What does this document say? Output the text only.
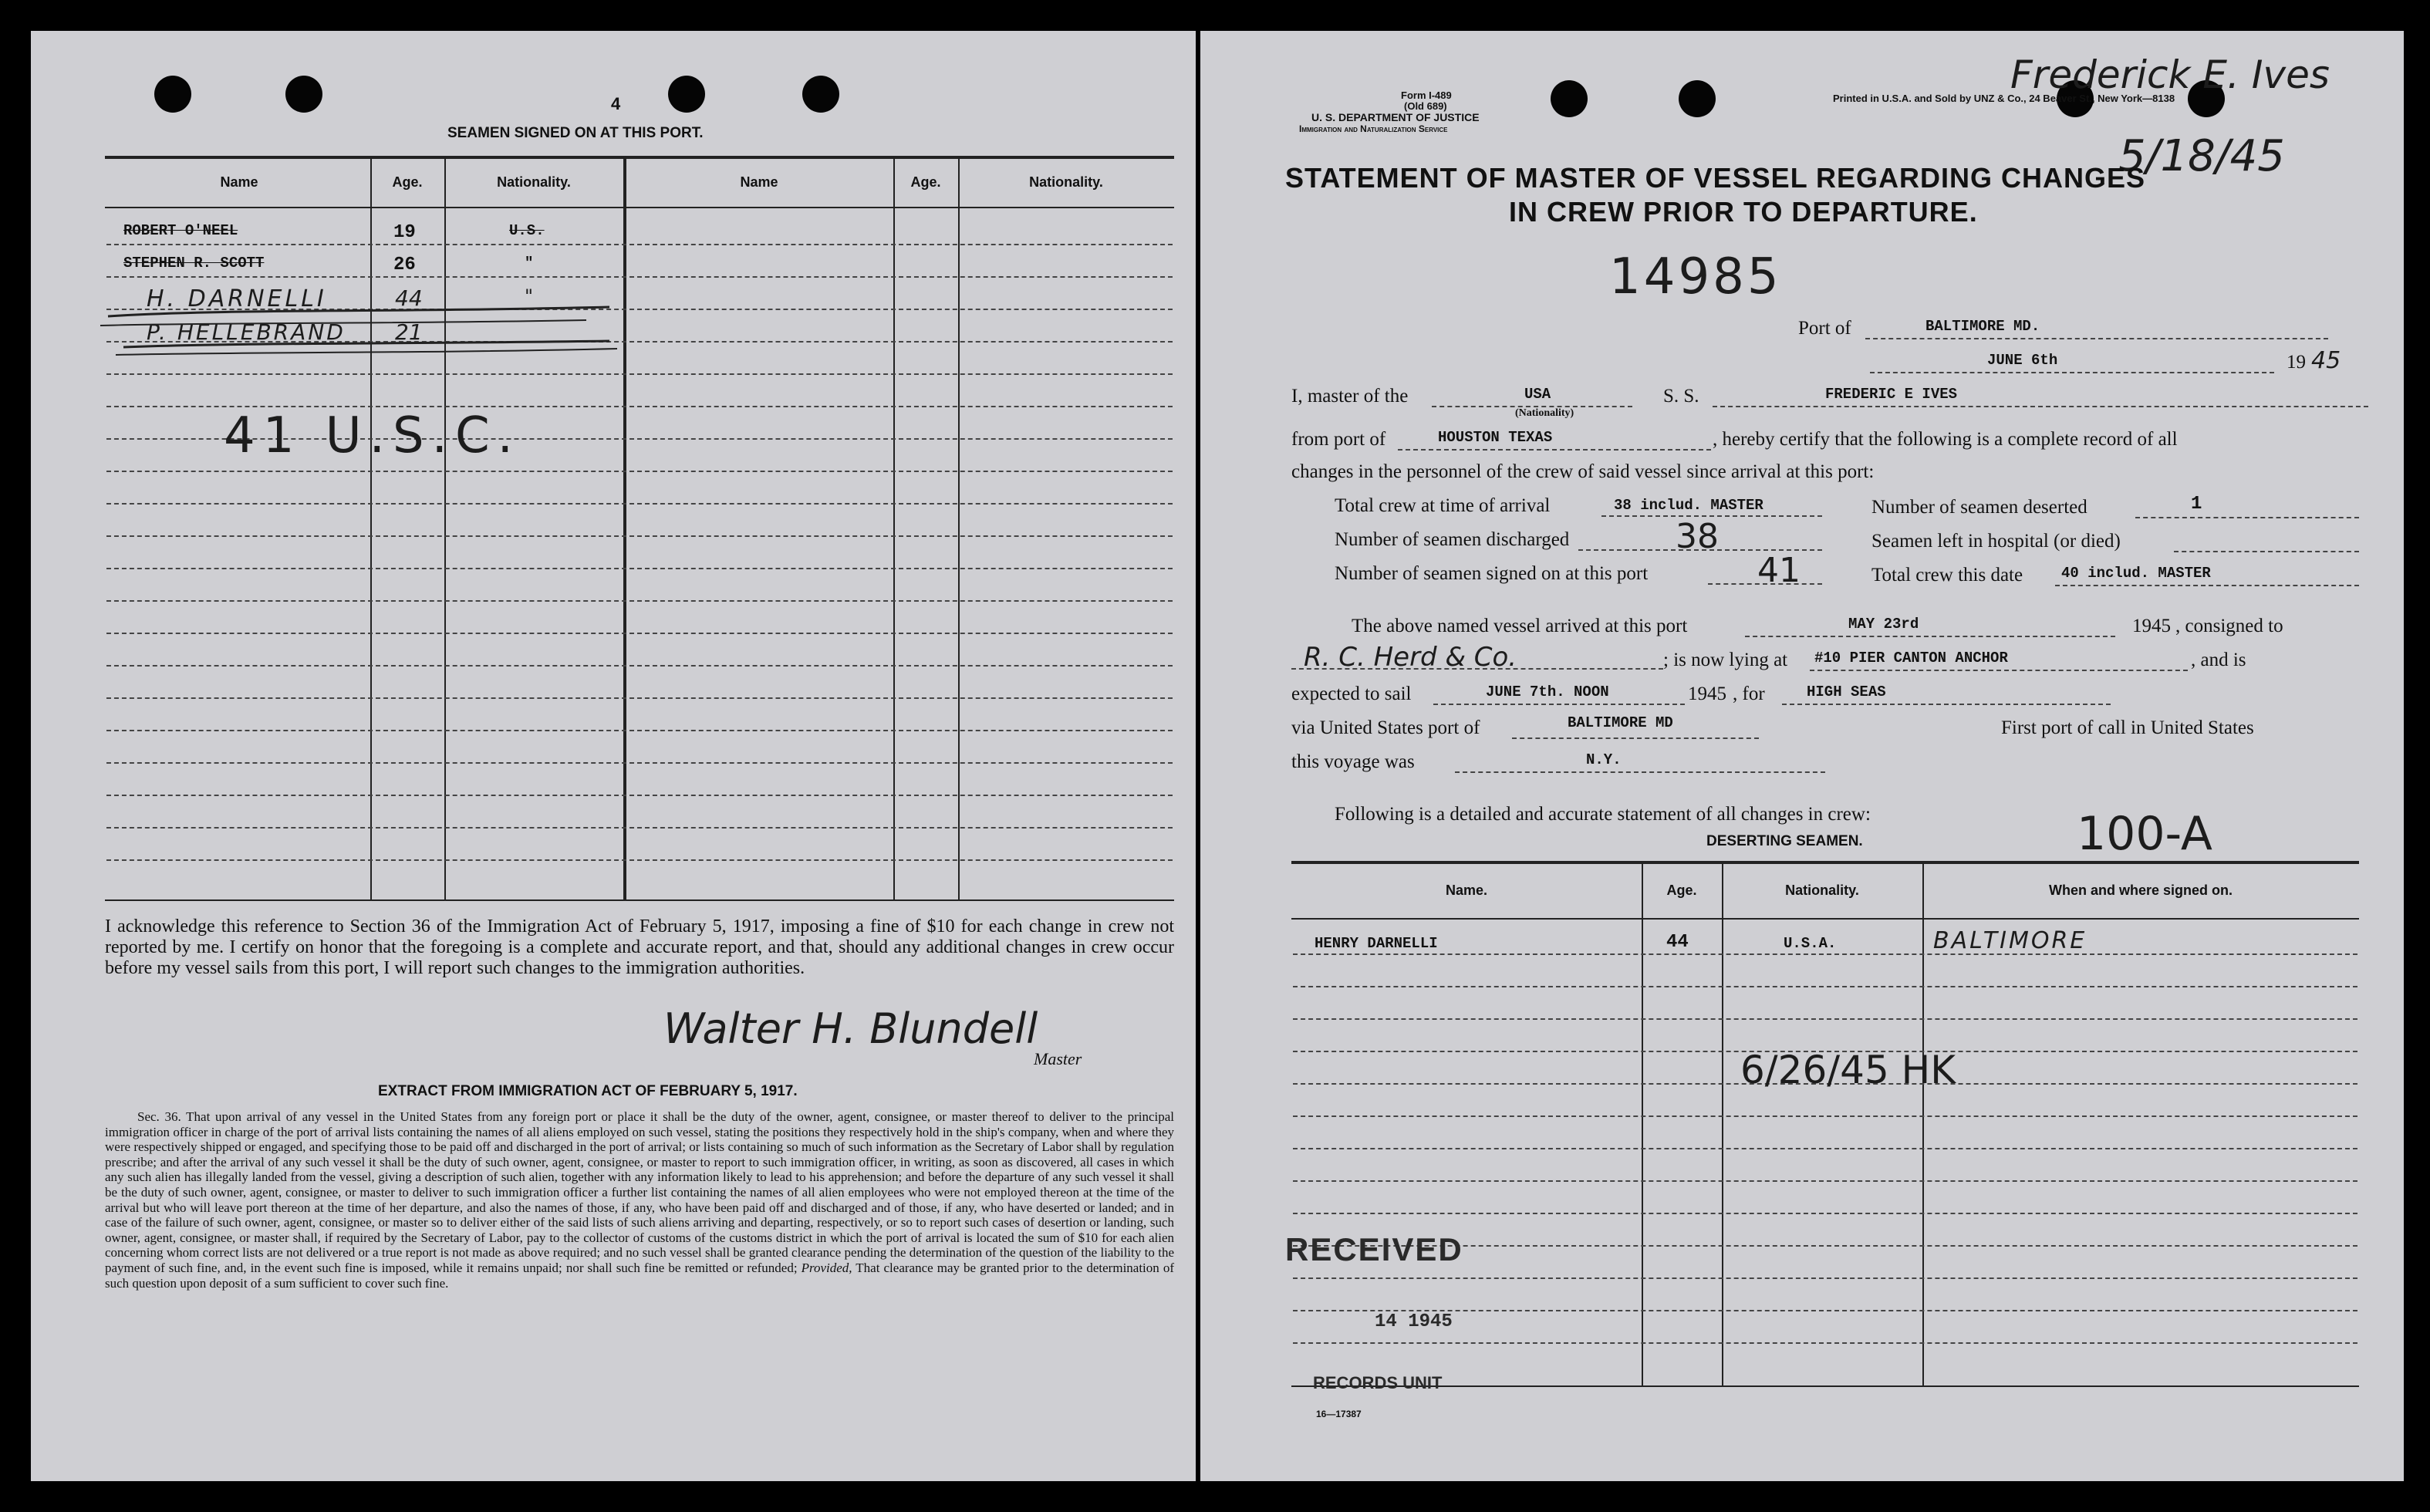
4
SEAMEN SIGNED ON AT THIS PORT.
Name	Age.	Nationality.	Name	Age.	Nationality.
ROBERT O'NEEL	19	U.S.
STEPHEN R. SCOTT	26	"
H. DARNELLI	44	"
P. HELLEBRAND 21
41 U.S.C.
I acknowledge this reference to Section 36 of the Immigration Act of February 5, 1917, imposing a fine of $10 for each change in crew not reported by me. I certify on honor that the foregoing is a complete and accurate report, and that, should any additional changes in crew occur before my vessel sails from this port, I will report such changes to the immigration authorities.
Walter H. Blundell
Master
EXTRACT FROM IMMIGRATION ACT OF FEBRUARY 5, 1917.
Sec. 36. That upon arrival of any vessel in the United States from any foreign port or place it shall be the duty of the owner, agent, consignee, or master thereof to deliver to the principal immigration officer in charge of the port of arrival lists containing the names of all aliens employed on such vessel, stating the positions they respectively hold in the ship's company, when and where they were respectively shipped or engaged, and specifying those to be paid off and discharged in the port of arrival; or lists containing so much of such information as the Secretary of Labor shall by regulation prescribe; and after the arrival of any such vessel it shall be the duty of such owner, agent, consignee, or master to report to such immigration officer, in writing, as soon as discovered, all cases in which any such alien has illegally landed from the vessel, giving a description of such alien, together with any information likely to lead to his apprehension; and before the departure of any such vessel it shall be the duty of such owner, agent, consignee, or master to deliver to such immigration officer a further list containing the names of all alien employees who were not employed thereon at the time of the arrival but who will leave port thereon at the time of her departure, and also the names of those, if any, who have been paid off and discharged and of those, if any, who have deserted or landed; and in case of the failure of such owner, agent, consignee, or master so to deliver either of the said lists of such aliens arriving and departing, respectively, or so to report such cases of desertion or landing, such owner, agent, consignee, or master shall, if required by the Secretary of Labor, pay to the collector of customs of the customs district in which the port of arrival is located the sum of $10 for each alien concerning whom correct lists are not delivered or a true report is not made as above required; and no such vessel shall be granted clearance pending the determination of the question of the liability to the payment of such fine, and, in the event such fine is imposed, while it remains unpaid; nor shall such fine be remitted or refunded; Provided, That clearance may be granted prior to the determination of such question upon deposit of a sum sufficient to cover such fine.
Form I-489
(Old 689)
U. S. DEPARTMENT OF JUSTICE
Immigration and Naturalization Service
Printed in U.S.A. and Sold by UNZ & Co., 24 Beaver St., New York—8138
Frederick E. Ives
5/18/45
STATEMENT OF MASTER OF VESSEL REGARDING CHANGES
IN CREW PRIOR TO DEPARTURE.
14985
Port of	BALTIMORE MD.
JUNE 6th	19 45
I, master of the	USA
(Nationality)
S. S.	FREDERIC E IVES
from port of	HOUSTON TEXAS	, hereby certify that the following is a complete record of all
changes in the personnel of the crew of said vessel since arrival at this port:
Total crew at time of arrival	38 includ. MASTER	Number of seamen deserted	1
Number of seamen discharged	38	Seamen left in hospital (or died)
Number of seamen signed on at this port	41	Total crew this date	40 includ. MASTER
The above named vessel arrived at this port	MAY 23rd	1945 , consigned to
R. C. Herd & Co.	; is now lying at #10 PIER CANTON ANCHOR	, and is
expected to sail	JUNE 7th. NOON	1945 , for	HIGH SEAS
via United States port of	BALTIMORE MD	First port of call in United States
this voyage was	N.Y.
Following is a detailed and accurate statement of all changes in crew:
DESERTING SEAMEN.	100-A
Name.	Age.	Nationality.	When and where signed on.
HENRY DARNELLI	44	U.S.A.	BALTIMORE
6/26/45 HK
RECEIVED
14 1945
RECORDS UNIT
16—17387
